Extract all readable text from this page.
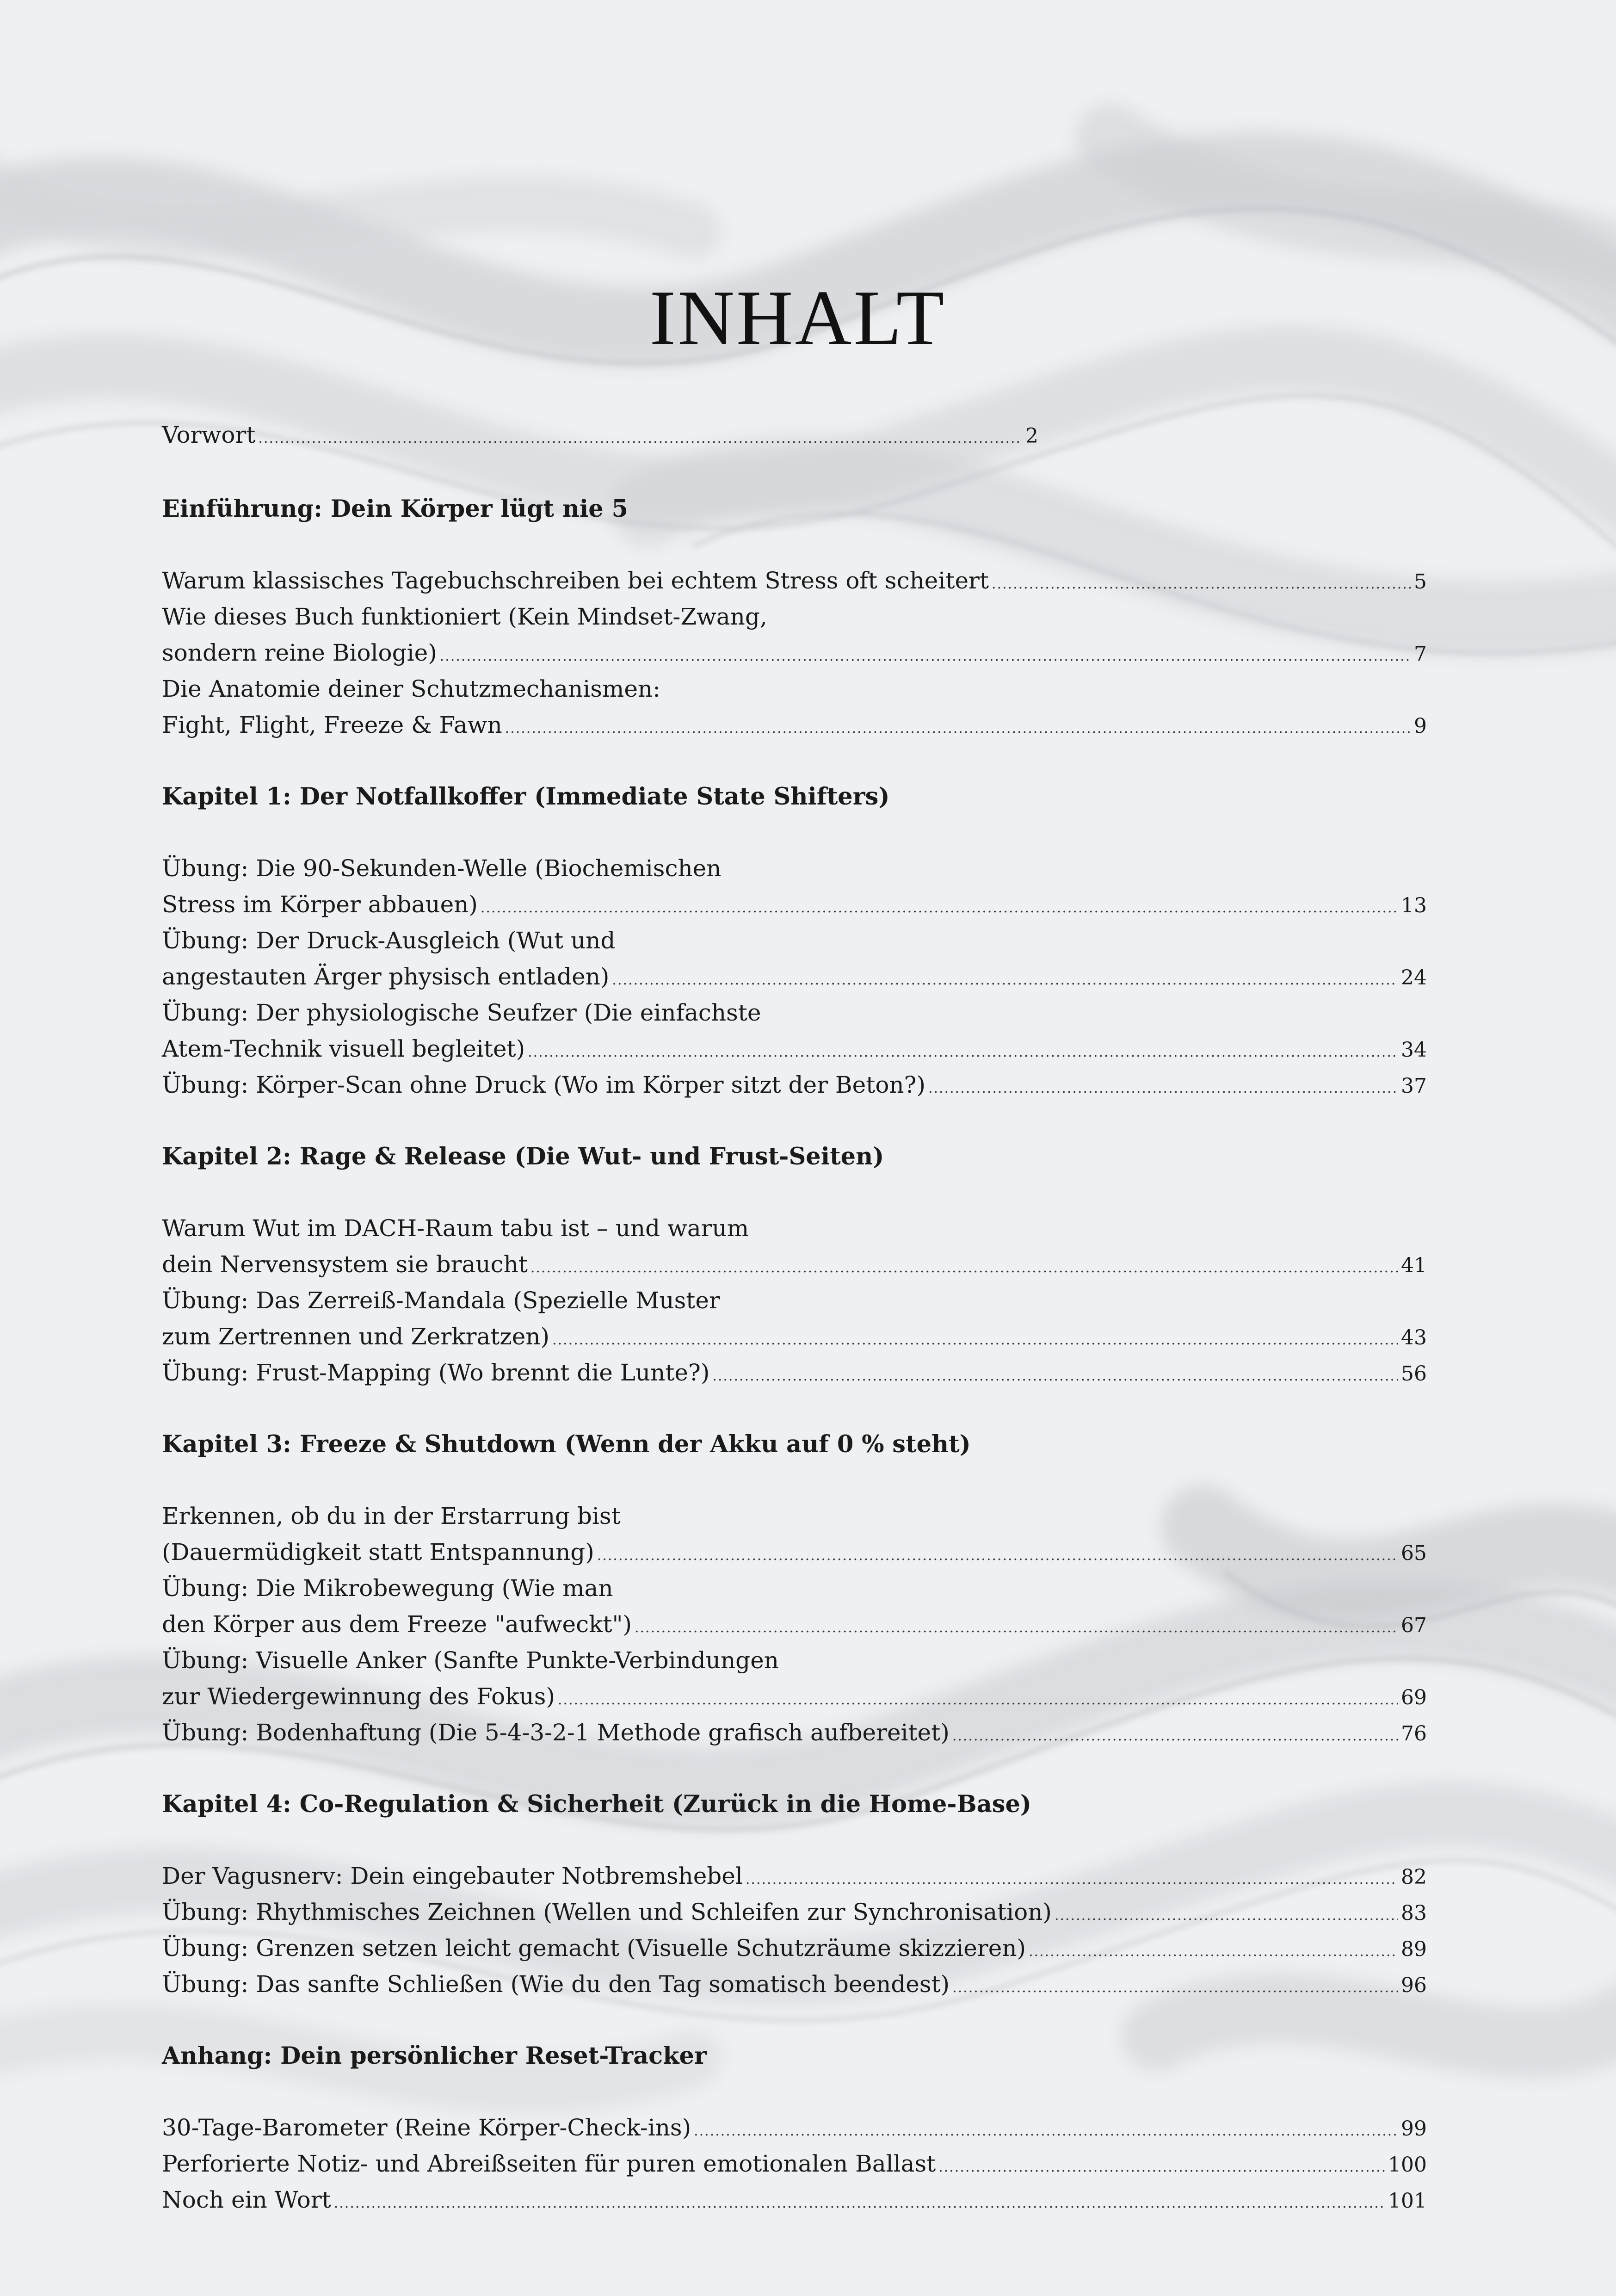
INHALT
Vorwort .....	2
Einführung: Dein Körper lügt nie 5
Warum klassisches Tagebuchschreiben bei echtem Stress oft scheitert .....	5
Wie dieses Buch funktioniert (Kein Mindset-Zwang,
sondern reine Biologie) .....	7
Die Anatomie deiner Schutzmechanismen:
Fight, Flight, Freeze & Fawn .....	9
Kapitel 1: Der Notfallkoffer (Immediate State Shifters)
Übung: Die 90-Sekunden-Welle (Biochemischen
Stress im Körper abbauen) .....	13
Übung: Der Druck-Ausgleich (Wut und
angestauten Ärger physisch entladen) .....	24
Übung: Der physiologische Seufzer (Die einfachste
Atem-Technik visuell begleitet) .....	34
Übung: Körper-Scan ohne Druck (Wo im Körper sitzt der Beton?) .....	37
Kapitel 2: Rage & Release (Die Wut- und Frust-Seiten)
Warum Wut im DACH-Raum tabu ist – und warum
dein Nervensystem sie braucht .....	41
Übung: Das Zerreiß-Mandala (Spezielle Muster
zum Zertrennen und Zerkratzen) .....	43
Übung: Frust-Mapping (Wo brennt die Lunte?) .....	56
Kapitel 3: Freeze & Shutdown (Wenn der Akku auf 0 % steht)
Erkennen, ob du in der Erstarrung bist
(Dauermüdigkeit statt Entspannung) .....	65
Übung: Die Mikrobewegung (Wie man
den Körper aus dem Freeze "aufweckt") .....	67
Übung: Visuelle Anker (Sanfte Punkte-Verbindungen
zur Wiedergewinnung des Fokus) .....	69
Übung: Bodenhaftung (Die 5-4-3-2-1 Methode grafisch aufbereitet) .....	76
Kapitel 4: Co-Regulation & Sicherheit (Zurück in die Home-Base)
Der Vagusnerv: Dein eingebauter Notbremshebel .....	82
Übung: Rhythmisches Zeichnen (Wellen und Schleifen zur Synchronisation) .....	83
Übung: Grenzen setzen leicht gemacht (Visuelle Schutzräume skizzieren) .....	89
Übung: Das sanfte Schließen (Wie du den Tag somatisch beendest) .....	96
Anhang: Dein persönlicher Reset-Tracker
30-Tage-Barometer (Reine Körper-Check-ins) .....	99
Perforierte Notiz- und Abreißseiten für puren emotionalen Ballast .....	100
Noch ein Wort .....	101
